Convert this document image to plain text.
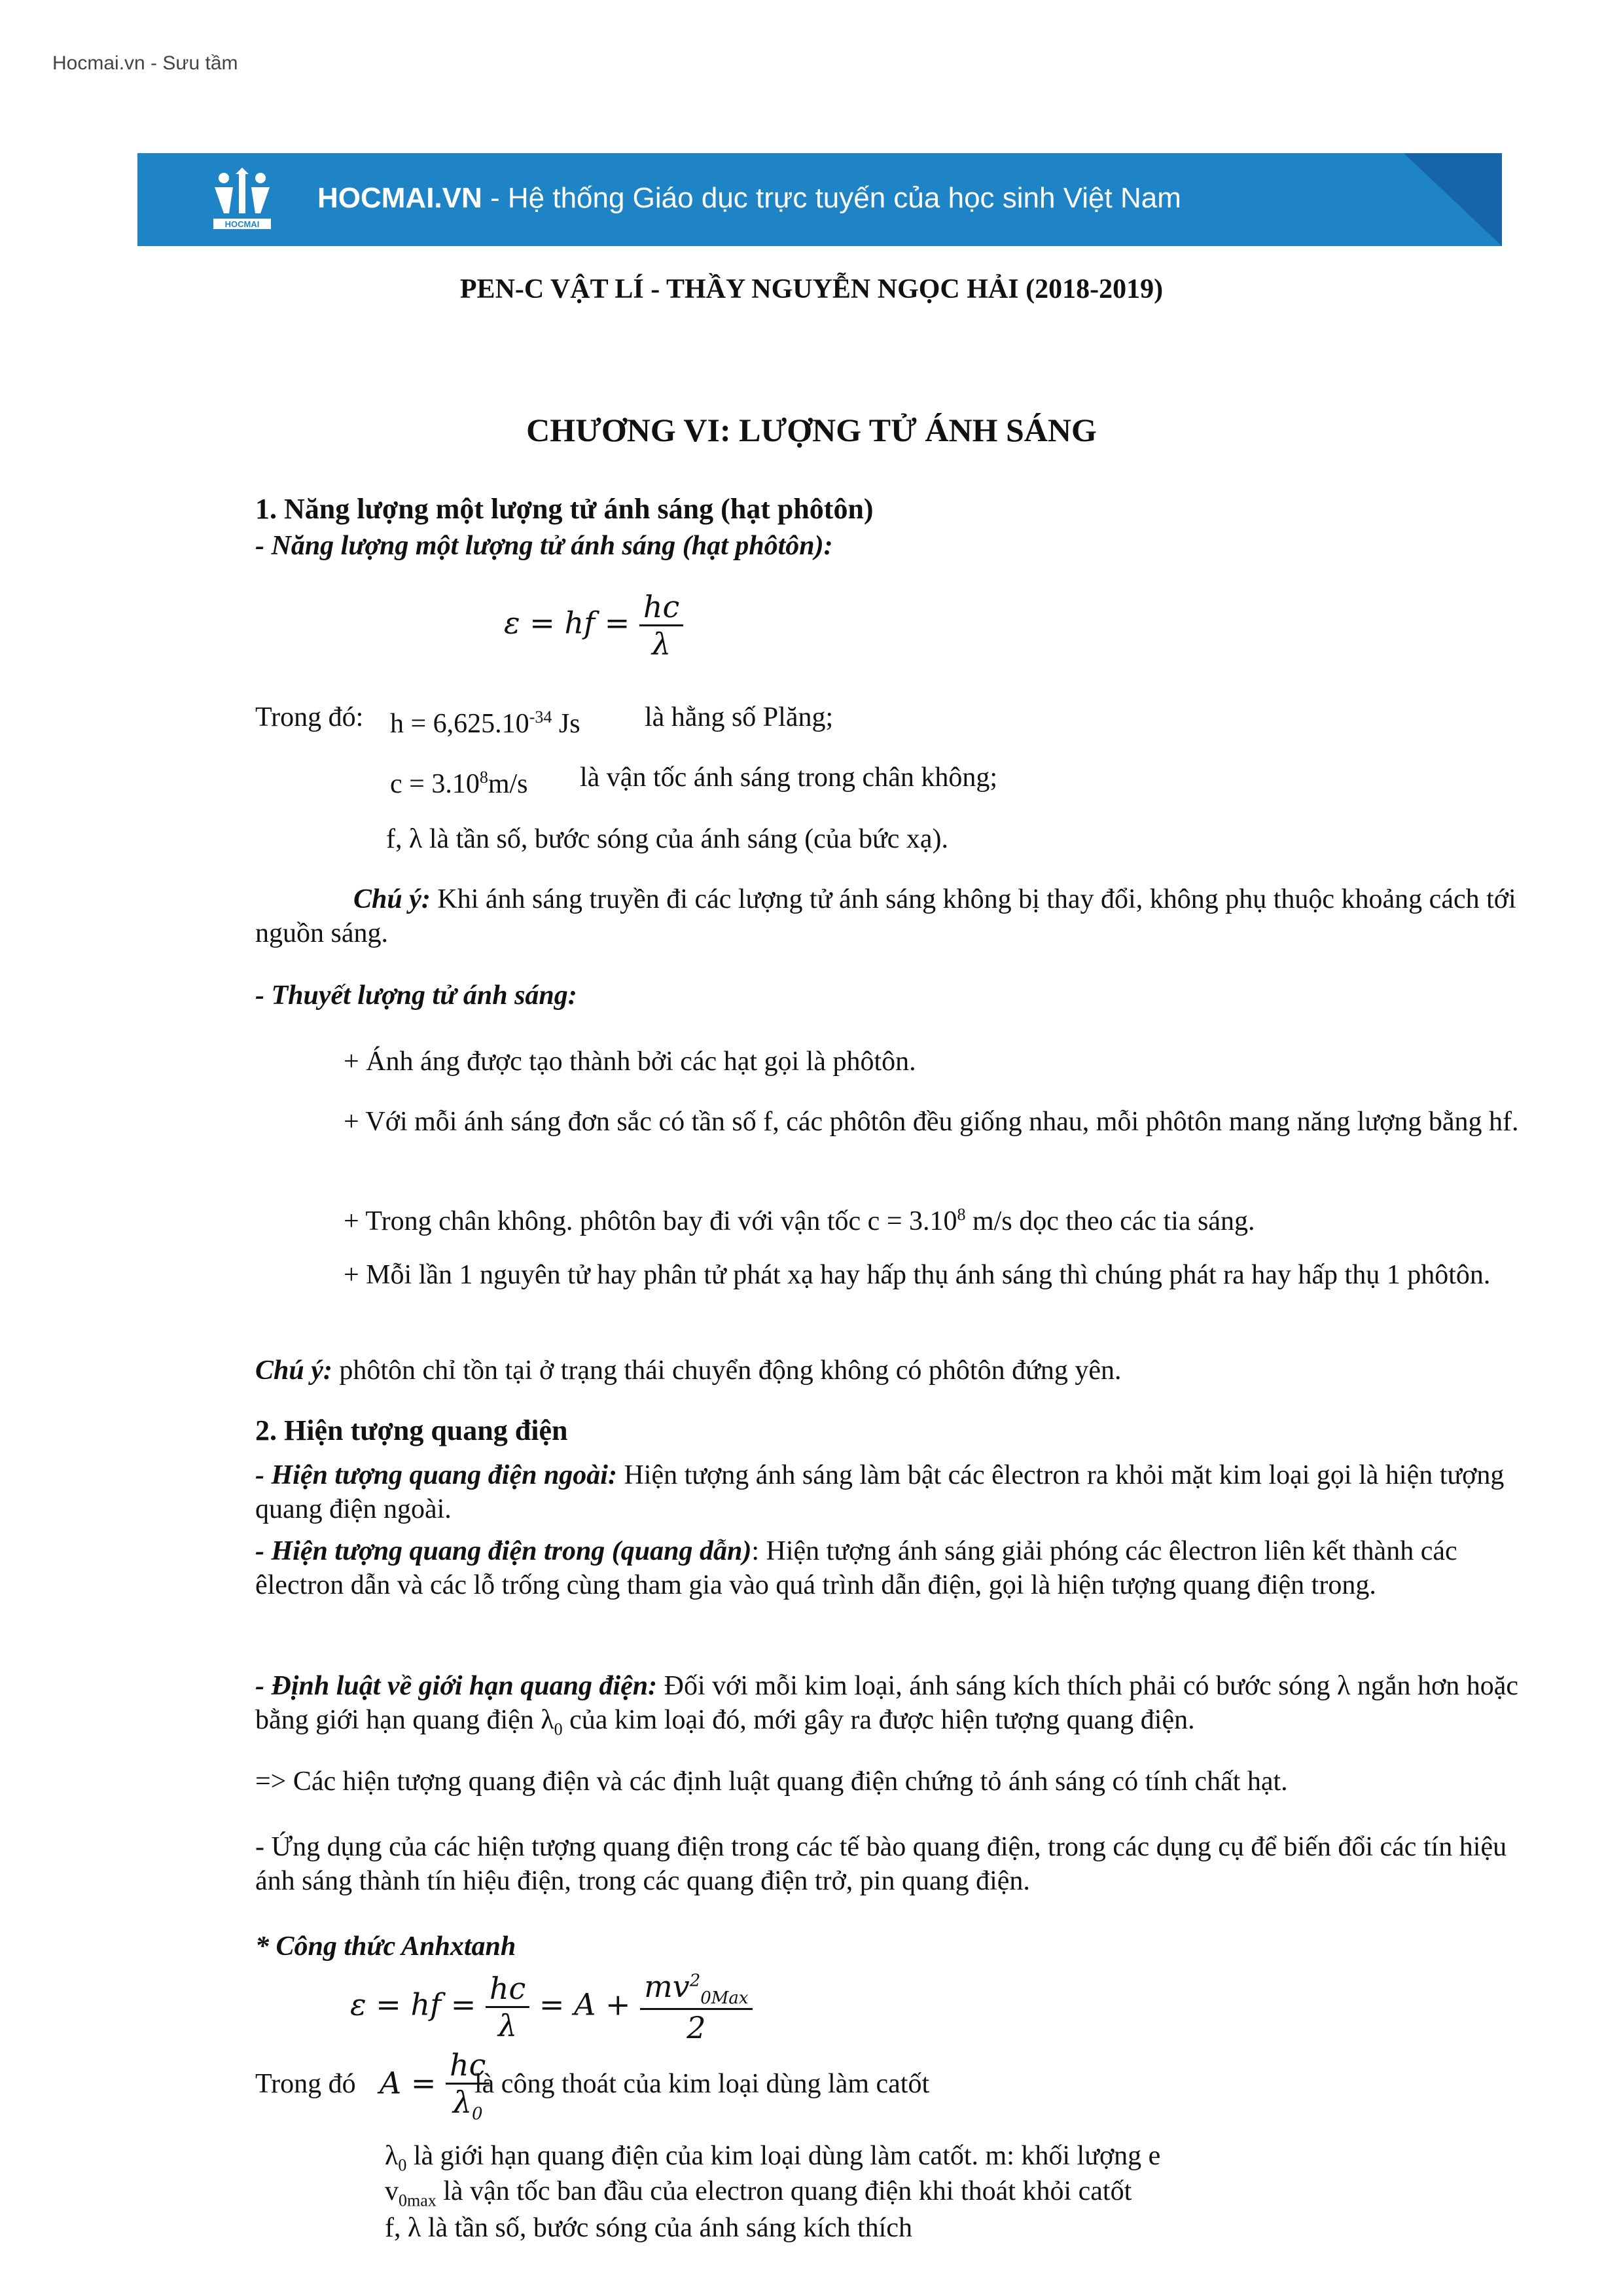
Hocmai.vn - Sưu tầm
HOCMAI
HOCMAI.VN - Hệ thống Giáo dục trực tuyến của học sinh Việt Nam
PEN-C VẬT LÍ - THẦY NGUYỄN NGỌC HẢI (2018-2019)
CHƯƠNG VI: LƯỢNG TỬ ÁNH SÁNG
1. Năng lượng một lượng tử ánh sáng (hạt phôtôn)
- Năng lượng một lượng tử ánh sáng (hạt phôtôn):
ε = hf = $\frac{hc}{\lambda}$
Trong đó: $h = 6,625.10^{-34}$ Js là hằng số Plăng;
$c = 3.10^8m/s$ là vận tốc ánh sáng trong chân không;
f, λ là tần số, bước sóng của ánh sáng (của bức xạ).
Chú ý: Khi ánh sáng truyền đi các lượng tử ánh sáng không bị thay đổi, không phụ thuộc khoảng cách tới nguồn sáng.
- Thuyết lượng tử ánh sáng:
+ Ánh áng được tạo thành bởi các hạt gọi là phôtôn.
+ Với mỗi ánh sáng đơn sắc có tần số f, các phôtôn đều giống nhau, mỗi phôtôn mang năng lượng bằng hf.
+ Trong chân không. phôtôn bay đi với vận tốc $c = 3.10^8$ m/s dọc theo các tia sáng.
+ Mỗi lần 1 nguyên tử hay phân tử phát xạ hay hấp thụ ánh sáng thì chúng phát ra hay hấp thụ 1 phôtôn.
Chú ý: phôtôn chỉ tồn tại ở trạng thái chuyển động không có phôtôn đứng yên.
2. Hiện tượng quang điện
- Hiện tượng quang điện ngoài: Hiện tượng ánh sáng làm bật các êlectron ra khỏi mặt kim loại gọi là hiện tượng quang điện ngoài.
- Hiện tượng quang điện trong (quang dẫn): Hiện tượng ánh sáng giải phóng các êlectron liên kết thành các êlectron dẫn và các lỗ trống cùng tham gia vào quá trình dẫn điện, gọi là hiện tượng quang điện trong.
- Định luật về giới hạn quang điện: Đối với mỗi kim loại, ánh sáng kích thích phải có bước sóng λ ngắn hơn hoặc bằng giới hạn quang điện $\lambda_0$ của kim loại đó, mới gây ra được hiện tượng quang điện.
=> Các hiện tượng quang điện và các định luật quang điện chứng tỏ ánh sáng có tính chất hạt.
- Ứng dụng của các hiện tượng quang điện trong các tế bào quang điện, trong các dụng cụ để biến đổi các tín hiệu ánh sáng thành tín hiệu điện, trong các quang điện trở, pin quang điện.
* Công thức Anhxtanh
ε = hf = $\frac{hc}{\lambda} = A + \frac{mv^2_{0Max}}{2}$
Trong đó $A = \frac{hc}{\lambda_0}$
là công thoát của kim loại dùng làm catốt
$\lambda_0$ là giới hạn quang điện của kim loại dùng làm catốt. m: khối lượng e
$v_{0max}$ là vận tốc ban đầu của electron quang điện khi thoát khỏi catốt
f, λ là tần số, bước sóng của ánh sáng kích thích
